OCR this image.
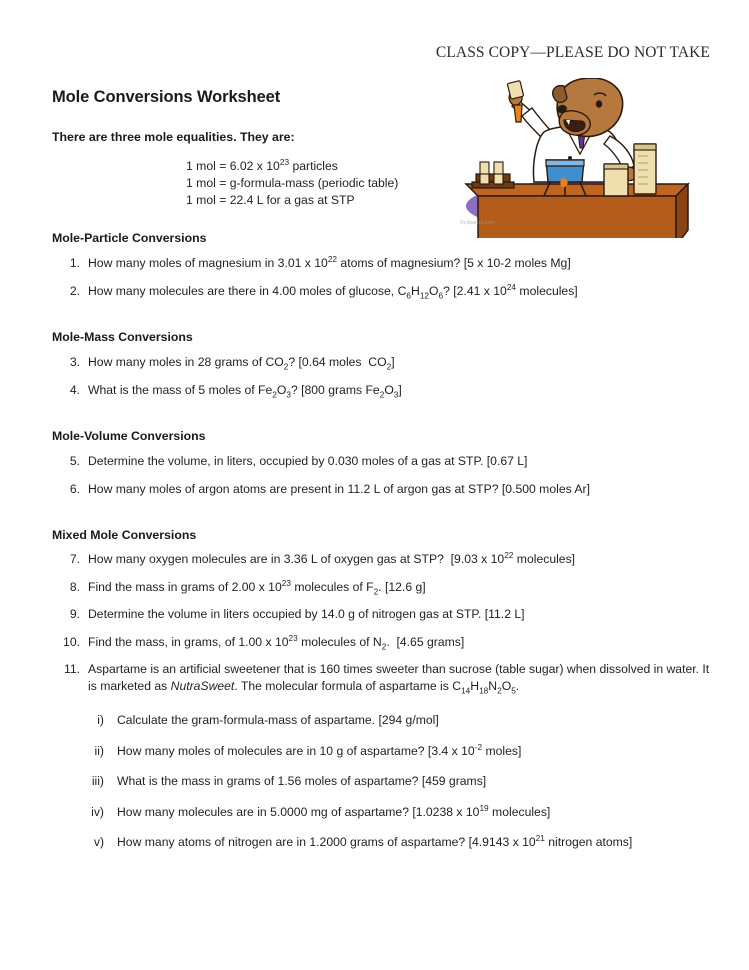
CLASS COPY—PLEASE DO NOT TAKE
©clipartof.com
Mole Conversions Worksheet
There are three mole equalities. They are:
1 mol = 6.02 x $10^{23}$ particles
1 mol = g-formula-mass (periodic table)
1 mol = 22.4 L for a gas at STP
Mole-Particle Conversions
1. How many moles of magnesium in 3.01 x $10^{22}$ atoms of magnesium? [5 x 10-2 moles Mg]
2. How many molecules are there in 4.00 moles of glucose, $C_6H_{12}O_6$? [2.41 x $10^{24}$ molecules]
Mole-Mass Conversions
3. How many moles in 28 grams of $CO_2$? [0.64 moles  $CO_2$]
4. What is the mass of 5 moles of $Fe_2O_3$? [800 grams $Fe_2O_3$]
Mole-Volume Conversions
5. Determine the volume, in liters, occupied by 0.030 moles of a gas at STP. [0.67 L]
6. How many moles of argon atoms are present in 11.2 L of argon gas at STP? [0.500 moles Ar]
Mixed Mole Conversions
7. How many oxygen molecules are in 3.36 L of oxygen gas at STP?  [9.03 x $10^{22}$ molecules]
8. Find the mass in grams of 2.00 x $10^{23}$ molecules of $F_2$. [12.6 g]
9. Determine the volume in liters occupied by 14.0 g of nitrogen gas at STP. [11.2 L]
10. Find the mass, in grams, of 1.00 x $10^{23}$ molecules of $N_2$.  [4.65 grams]
11. Aspartame is an artificial sweetener that is 160 times sweeter than sucrose (table sugar) when dissolved in water. It is marketed as NutraSweet. The molecular formula of aspartame is $C_{14}H_{18}N_2O_5$.
i) Calculate the gram-formula-mass of aspartame. [294 g/mol]
ii) How many moles of molecules are in 10 g of aspartame? [3.4 x $10^{-2}$ moles]
iii) What is the mass in grams of 1.56 moles of aspartame? [459 grams]
iv) How many molecules are in 5.0000 mg of aspartame? [1.0238 x $10^{19}$ molecules]
v) How many atoms of nitrogen are in 1.2000 grams of aspartame? [4.9143 x $10^{21}$ nitrogen atoms]
